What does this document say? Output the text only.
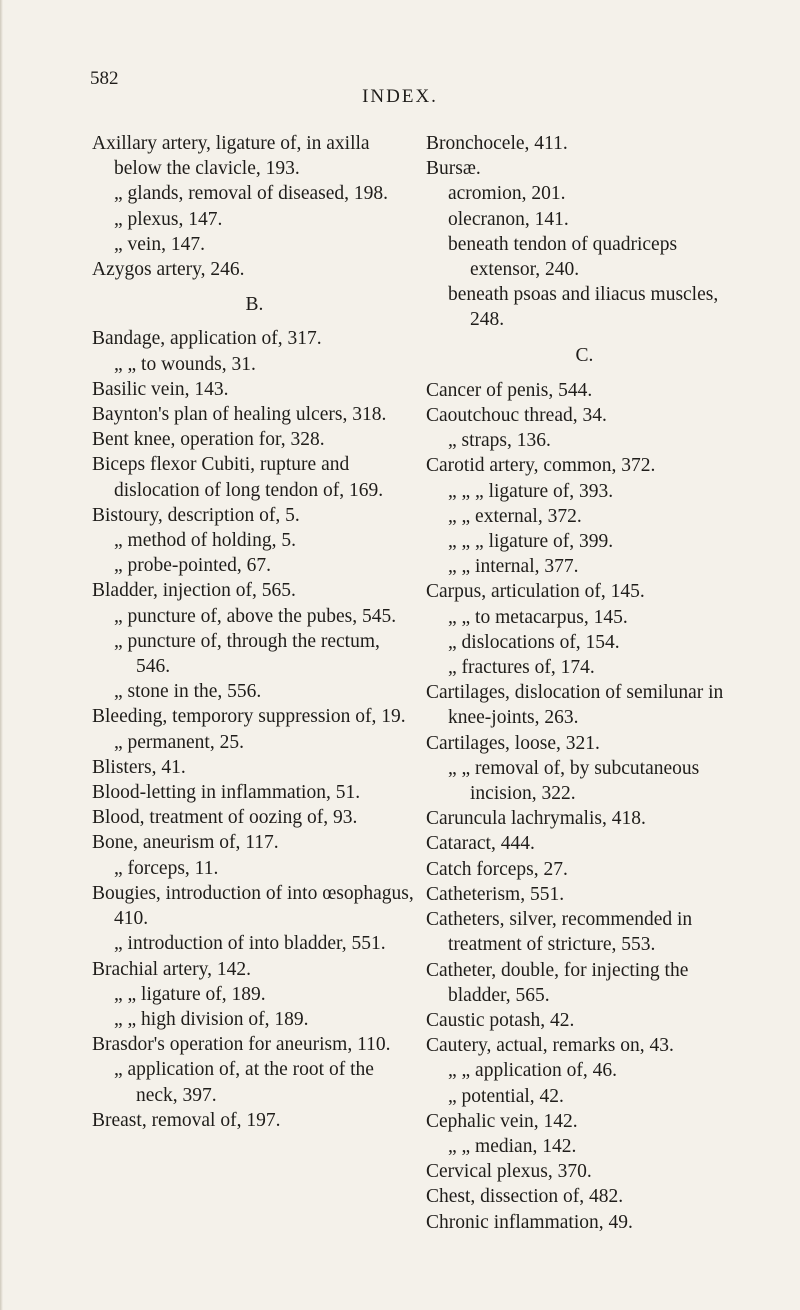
582
INDEX.

Axillary artery, ligature of, in axilla below the clavicle, 193.

„ glands, removal of diseased, 198.

„ plexus, 147.

„ vein, 147.

Azygos artery, 246.

B.

Bandage, application of, 317.

„ „ to wounds, 31.

Basilic vein, 143.

Baynton's plan of healing ulcers, 318.

Bent knee, operation for, 328.

Biceps flexor Cubiti, rupture and dislocation of long tendon of, 169.

Bistoury, description of, 5.

„ method of holding, 5.

„ probe-pointed, 67.

Bladder, injection of, 565.

„ puncture of, above the pubes, 545.

„ puncture of, through the rectum, 546.

„ stone in the, 556.

Bleeding, temporory suppression of, 19.

„ permanent, 25.

Blisters, 41.

Blood-letting in inflammation, 51.

Blood, treatment of oozing of, 93.

Bone, aneurism of, 117.

„ forceps, 11.

Bougies, introduction of into œsophagus, 410.

„ introduction of into bladder, 551.

Brachial artery, 142.

„ „ ligature of, 189.

„ „ high division of, 189.

Brasdor's operation for aneurism, 110.

„ application of, at the root of the neck, 397.

Breast, removal of, 197.

Bronchocele, 411.

Bursæ.

acromion, 201.

olecranon, 141.

beneath tendon of quadriceps extensor, 240.

beneath psoas and iliacus muscles, 248.

C.

Cancer of penis, 544.

Caoutchouc thread, 34.

„ straps, 136.

Carotid artery, common, 372.

„ „ „ ligature of, 393.

„ „ external, 372.

„ „ „ ligature of, 399.

„ „ internal, 377.

Carpus, articulation of, 145.

„ „ to metacarpus, 145.

„ dislocations of, 154.

„ fractures of, 174.

Cartilages, dislocation of semilunar in knee-joints, 263.

Cartilages, loose, 321.

„ „ removal of, by subcutaneous incision, 322.

Caruncula lachrymalis, 418.

Cataract, 444.

Catch forceps, 27.

Catheterism, 551.

Catheters, silver, recommended in treatment of stricture, 553.

Catheter, double, for injecting the bladder, 565.

Caustic potash, 42.

Cautery, actual, remarks on, 43.

„ „ application of, 46.

„ potential, 42.

Cephalic vein, 142.

„ „ median, 142.

Cervical plexus, 370.

Chest, dissection of, 482.

Chronic inflammation, 49.
